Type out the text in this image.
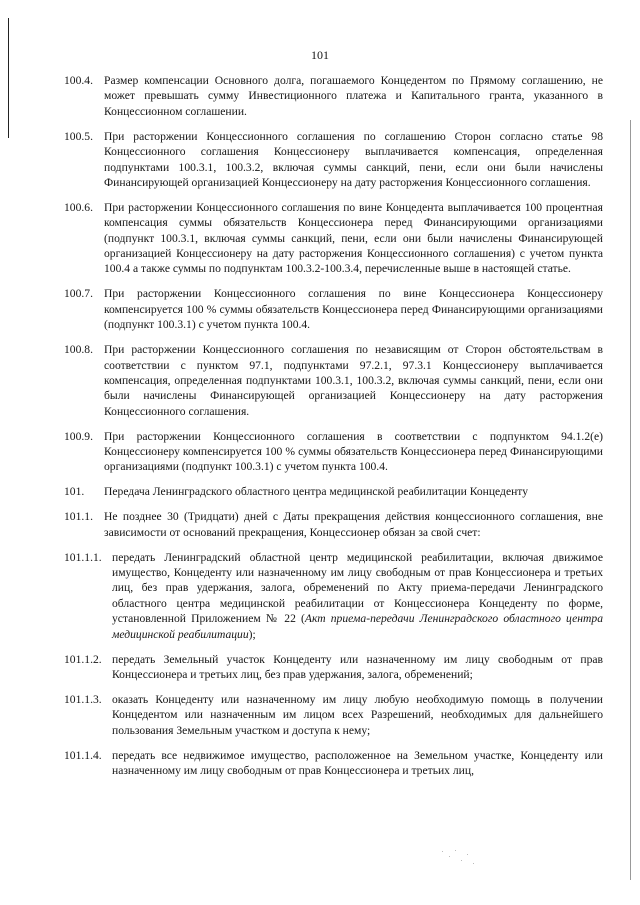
101
100.4. Размер компенсации Основного долга, погашаемого Концедентом по Прямому соглашению, не может превышать сумму Инвестиционного платежа и Капитального гранта, указанного в Концессионном соглашении.
100.5. При расторжении Концессионного соглашения по соглашению Сторон согласно статье 98 Концессионного соглашения Концессионеру выплачивается компенсация, определенная подпунктами 100.3.1, 100.3.2, включая суммы санкций, пени, если они были начислены Финансирующей организацией Концессионеру на дату расторжения Концессионного соглашения.
100.6. При расторжении Концессионного соглашения по вине Концедента выплачивается 100 процентная компенсация суммы обязательств Концессионера перед Финансирующими организациями (подпункт 100.3.1, включая суммы санкций, пени, если они были начислены Финансирующей организацией Концессионеру на дату расторжения Концессионного соглашения) с учетом пункта 100.4 а также суммы по подпунктам 100.3.2-100.3.4, перечисленные выше в настоящей статье.
100.7. При расторжении Концессионного соглашения по вине Концессионера Концессионеру компенсируется 100 % суммы обязательств Концессионера перед Финансирующими организациями (подпункт 100.3.1) с учетом пункта 100.4.
100.8. При расторжении Концессионного соглашения по независящим от Сторон обстоятельствам в соответствии с пунктом 97.1, подпунктами 97.2.1, 97.3.1 Концессионеру выплачивается компенсация, определенная подпунктами 100.3.1, 100.3.2, включая суммы санкций, пени, если они были начислены Финансирующей организацией Концессионеру на дату расторжения Концессионного соглашения.
100.9. При расторжении Концессионного соглашения в соответствии с подпунктом 94.1.2(e) Концессионеру компенсируется 100 % суммы обязательств Концессионера перед Финансирующими организациями (подпункт 100.3.1) с учетом пункта 100.4.
101. Передача Ленинградского областного центра медицинской реабилитации Концеденту
101.1. Не позднее 30 (Тридцати) дней с Даты прекращения действия концессионного соглашения, вне зависимости от оснований прекращения, Концессионер обязан за свой счет:
101.1.1. передать Ленинградский областной центр медицинской реабилитации, включая движимое имущество, Концеденту или назначенному им лицу свободным от прав Концессионера и третьих лиц, без прав удержания, залога, обременений по Акту приема-передачи Ленинградского областного центра медицинской реабилитации от Концессионера Концеденту по форме, установленной Приложением № 22 (Акт приема-передачи Ленинградского областного центра медицинской реабилитации);
101.1.2. передать Земельный участок Концеденту или назначенному им лицу свободным от прав Концессионера и третьих лиц, без прав удержания, залога, обременений;
101.1.3. оказать Концеденту или назначенному им лицу любую необходимую помощь в получении Концедентом или назначенным им лицом всех Разрешений, необходимых для дальнейшего пользования Земельным участком и доступа к нему;
101.1.4. передать все недвижимое имущество, расположенное на Земельном участке, Концеденту или назначенному им лицу свободным от прав Концессионера и третьих лиц,
